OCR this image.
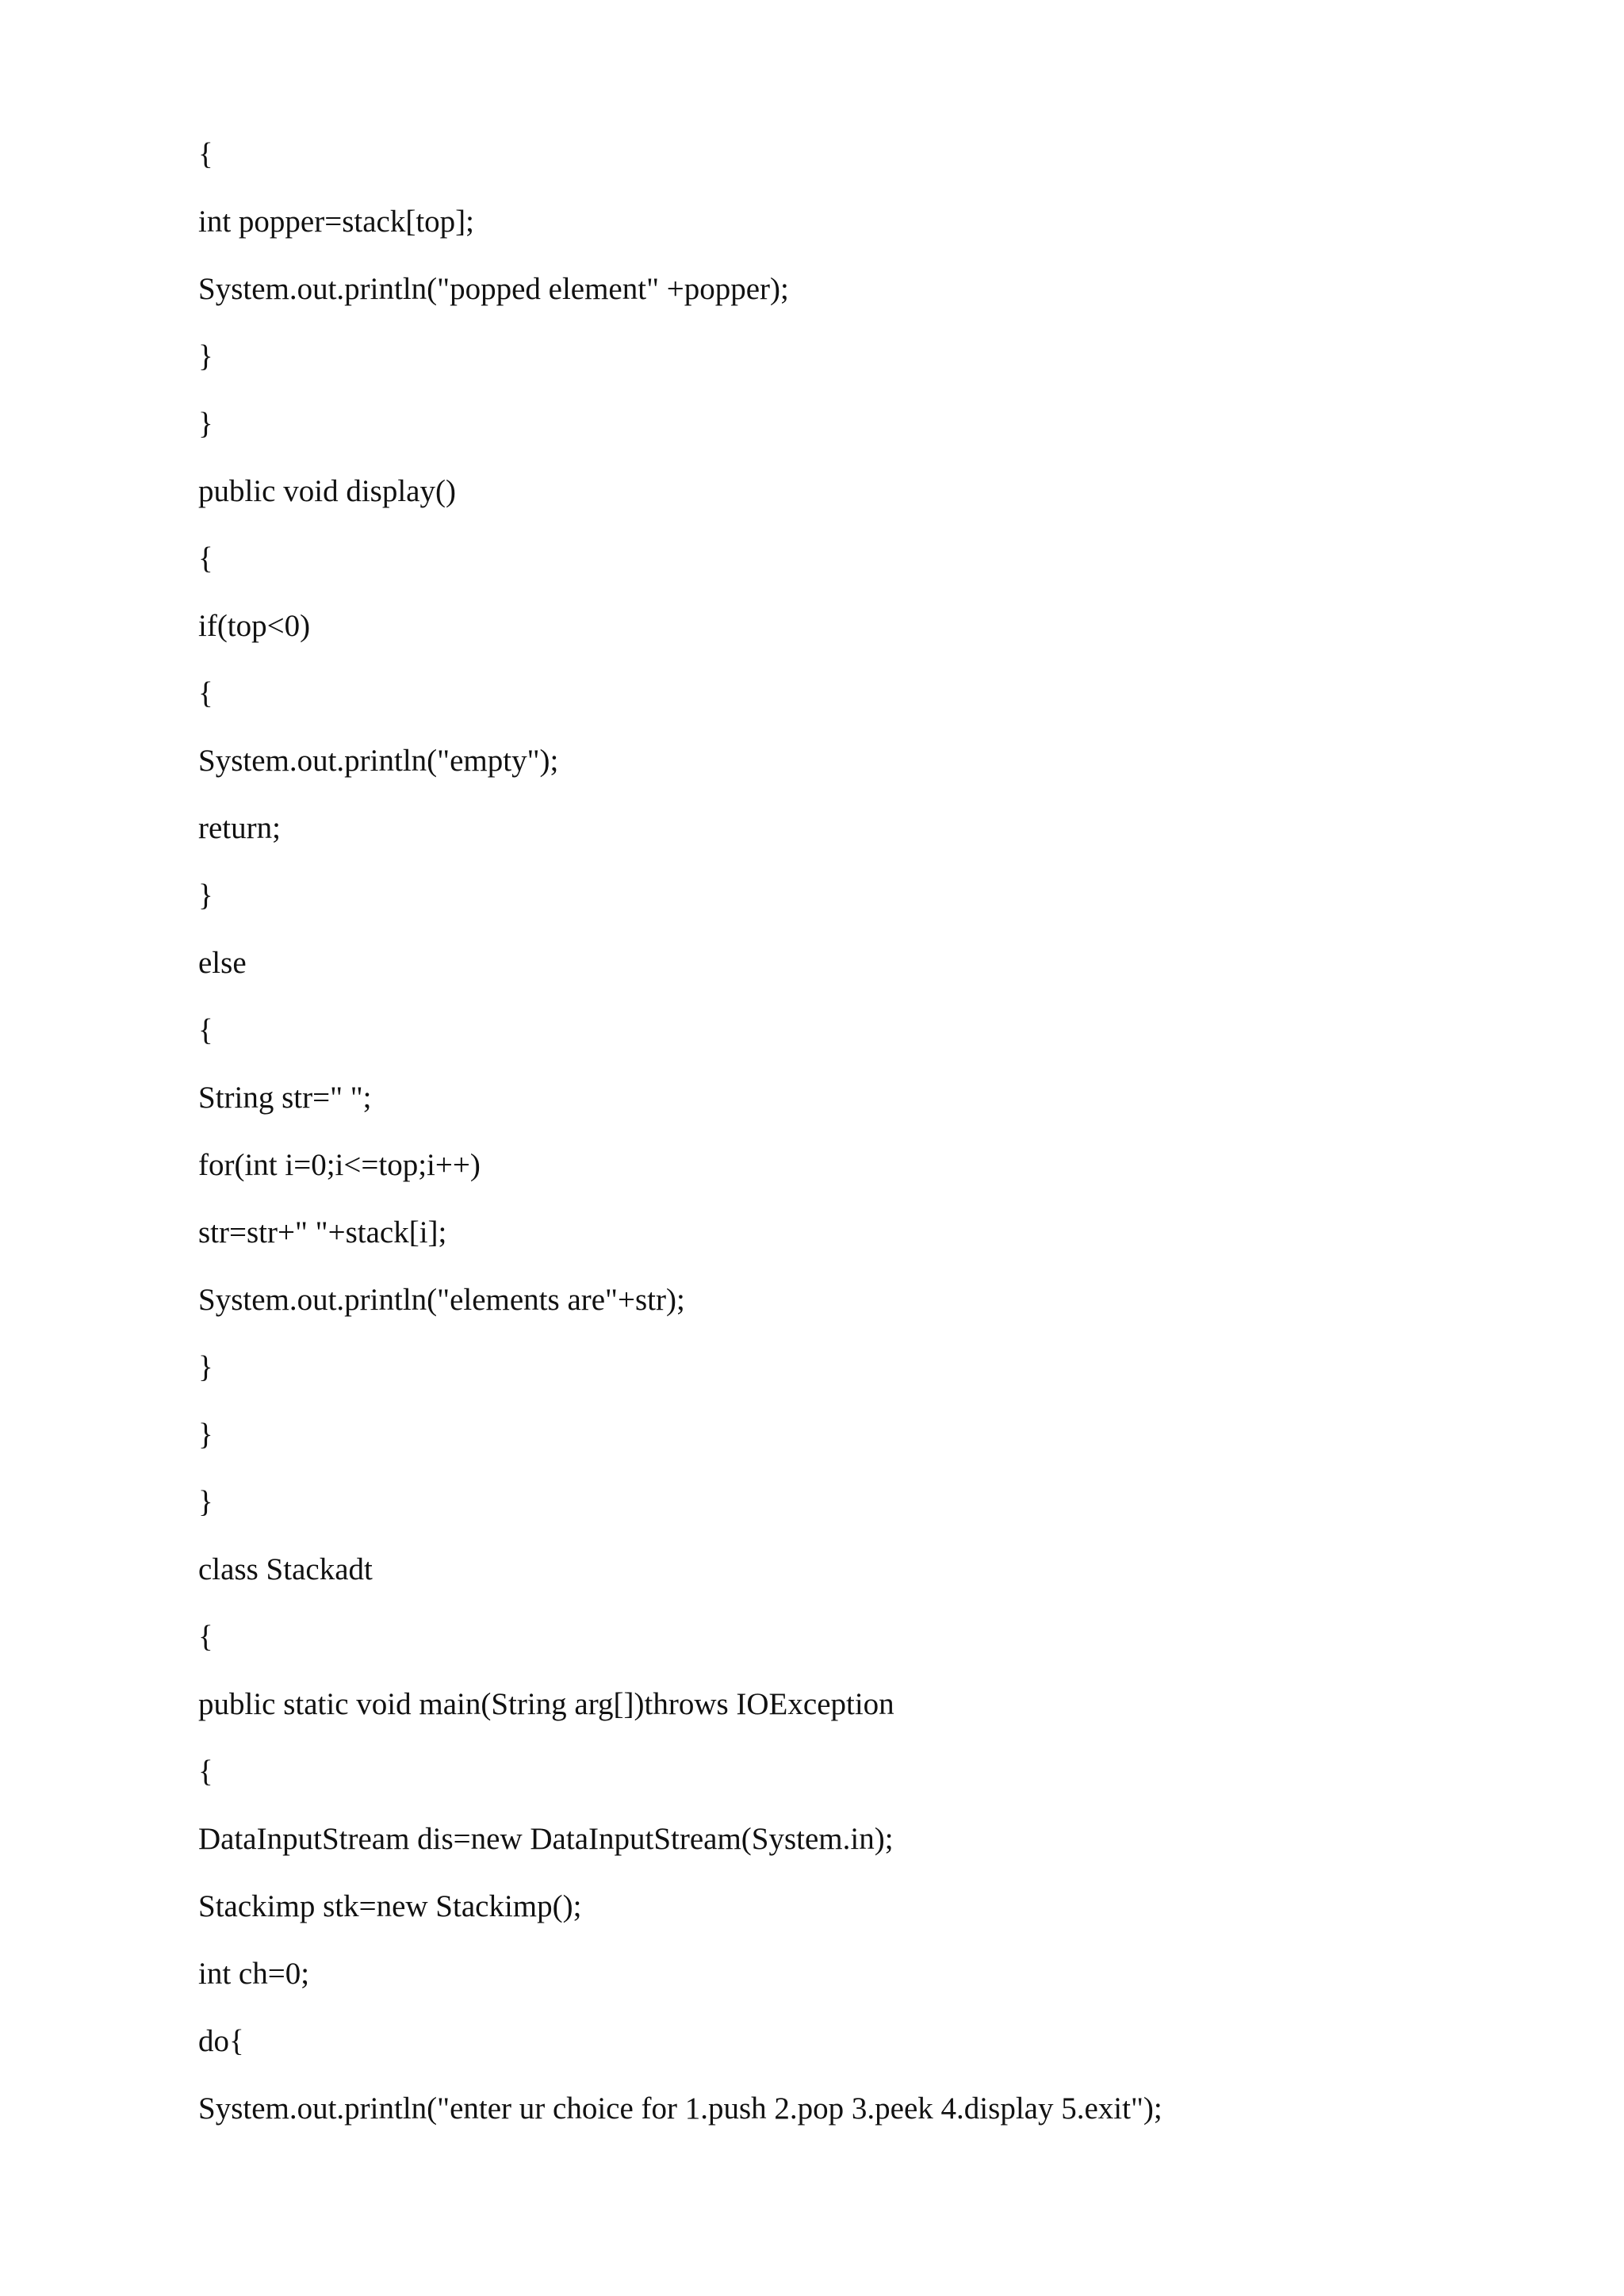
{
int popper=stack[top];
System.out.println("popped element" +popper);
}
}
public void display()
{
if(top<0)
{
System.out.println("empty");
return;
}
else
{
String str=" ";
for(int i=0;i<=top;i++)
str=str+" "+stack[i];
System.out.println("elements are"+str);
}
}
}
class Stackadt
{
public static void main(String arg[])throws IOException
{
DataInputStream dis=new DataInputStream(System.in);
Stackimp stk=new Stackimp();
int ch=0;
do{
System.out.println("enter ur choice for 1.push 2.pop 3.peek 4.display 5.exit");
